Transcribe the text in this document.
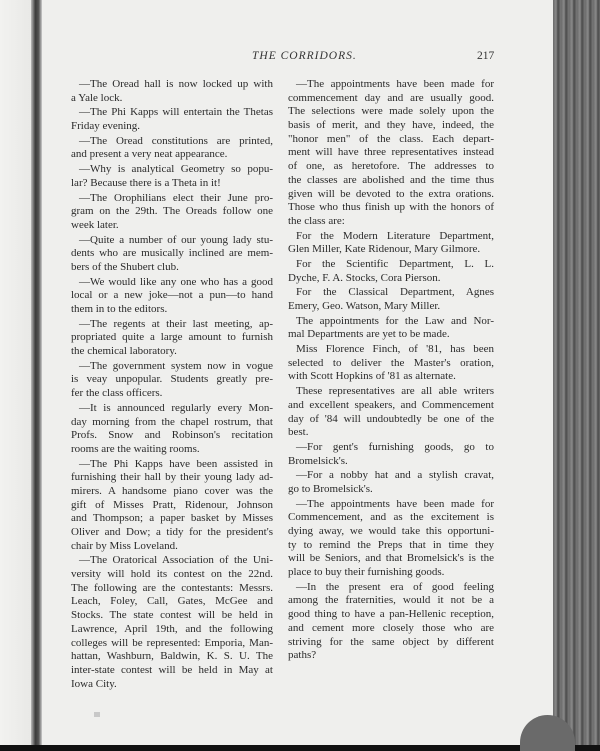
THE CORRIDORS.	217
—The Oread hall is now locked up with
a Yale lock.
—The Phi Kapps will entertain the Thetas
Friday evening.
—The Oread constitutions are printed,
and present a very neat appearance.
—Why is analytical Geometry so popu-
lar? Because there is a Theta in it!
—The Orophilians elect their June pro-
gram on the 29th. The Oreads follow one
week later.
—Quite a number of our young lady stu-
dents who are musically inclined are mem-
bers of the Shubert club.
—We would like any one who has a good
local or a new joke—not a pun—to hand
them in to the editors.
—The regents at their last meeting, ap-
propriated quite a large amount to furnish
the chemical laboratory.
—The government system now in vogue
is veay unpopular. Students greatly pre-
fer the class officers.
—It is announced regularly every Mon-
day morning from the chapel rostrum, that
Profs. Snow and Robinson's recitation
rooms are the waiting rooms.
—The Phi Kapps have been assisted in
furnishing their hall by their young lady ad-
mirers. A handsome piano cover was the
gift of Misses Pratt, Ridenour, Johnson
and Thompson; a paper basket by Misses
Oliver and Dow; a tidy for the president's
chair by Miss Loveland.
—The Oratorical Association of the Uni-
versity will hold its contest on the 22nd.
The following are the contestants: Messrs.
Leach, Foley, Call, Gates, McGee and
Stocks. The state contest will be held in
Lawrence, April 19th, and the following
colleges will be represented: Emporia, Man-
hattan, Washburn, Baldwin, K. S. U. The
inter-state contest will be held in May at
Iowa City.
—The appointments have been made for
commencement day and are usually good.
The selections were made solely upon the
basis of merit, and they have, indeed, the
"honor men" of the class. Each depart-
ment will have three representatives instead
of one, as heretofore. The addresses to
the classes are abolished and the time thus
given will be devoted to the extra orations.
Those who thus finish up with the honors of
the class are:
For the Modern Literature Department,
Glen Miller, Kate Ridenour, Mary Gilmore.
For the Scientific Department, L. L.
Dyche, F. A. Stocks, Cora Pierson.
For the Classical Department, Agnes
Emery, Geo. Watson, Mary Miller.
The appointments for the Law and Nor-
mal Departments are yet to be made.
Miss Florence Finch, of '81, has been
selected to deliver the Master's oration,
with Scott Hopkins of '81 as alternate.
These representatives are all able writers
and excellent speakers, and Commencement
day of '84 will undoubtedly be one of the
best.
—For gent's furnishing goods, go to
Bromelsick's.
—For a nobby hat and a stylish cravat,
go to Bromelsick's.
—The appointments have been made for
Commencement, and as the excitement is
dying away, we would take this opportuni-
ty to remind the Preps that in time they
will be Seniors, and that Bromelsick's is the
place to buy their furnishing goods.
—In the present era of good feeling
among the fraternities, would it not be a
good thing to have a pan-Hellenic reception,
and cement more closely those who are
striving for the same object by different
paths?
